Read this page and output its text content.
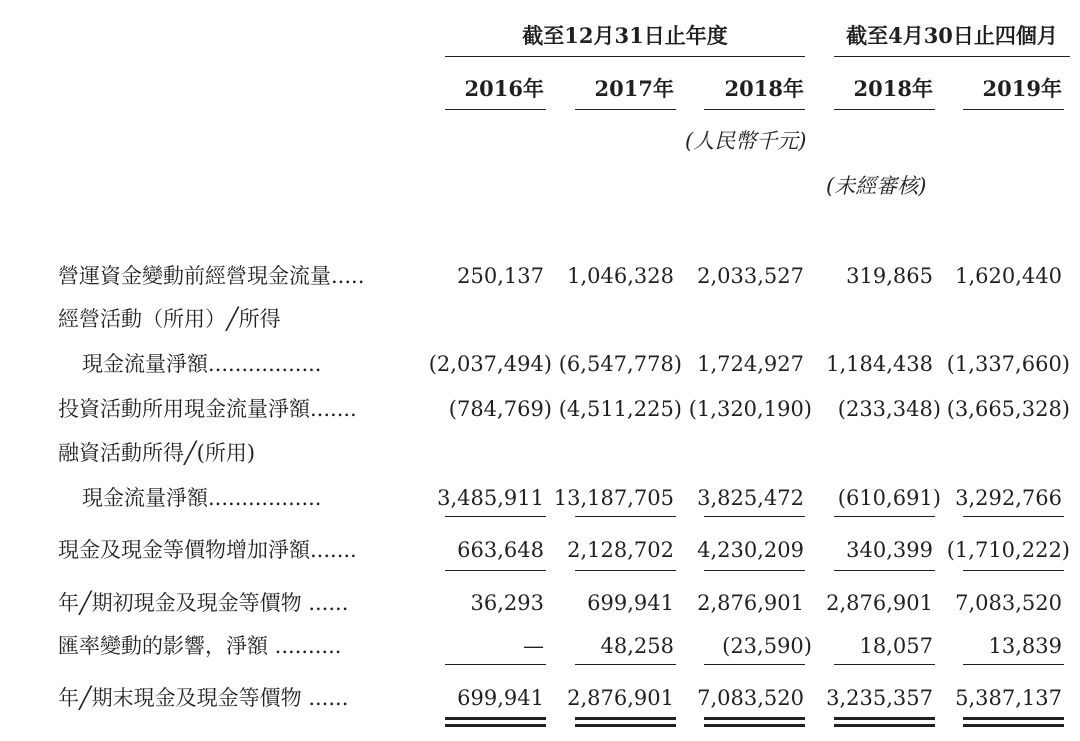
截至12月31日止年度	截至4月30日止四個月
2016年 2017年 2018年 2018年 2019年
(人民幣千元)
(未經審核)
營運資金變動前經營現金流量.....	250,137 1,046,328 2,033,527 319,865 1,620,440
經營活動（所用）╱所得
現金流量淨額.................	(2,037,494) (6,547,778) 1,724,927 1,184,438 (1,337,660)
投資活動所用現金流量淨額.......	(784,769) (4,511,225) (1,320,190) (233,348) (3,665,328)
融資活動所得╱(所用)
現金流量淨額.................	3,485,911 13,187,705 3,825,472 (610,691) 3,292,766
現金及現金等價物增加淨額.......	663,648 2,128,702 4,230,209 340,399 (1,710,222)
年╱期初現金及現金等價物 ......	36,293 699,941 2,876,901 2,876,901 7,083,520
匯率變動的影響，淨額 ..........	—	48,258 (23,590) 18,057	13,839
年╱期末現金及現金等價物 ......	699,941 2,876,901 7,083,520 3,235,357 5,387,137
